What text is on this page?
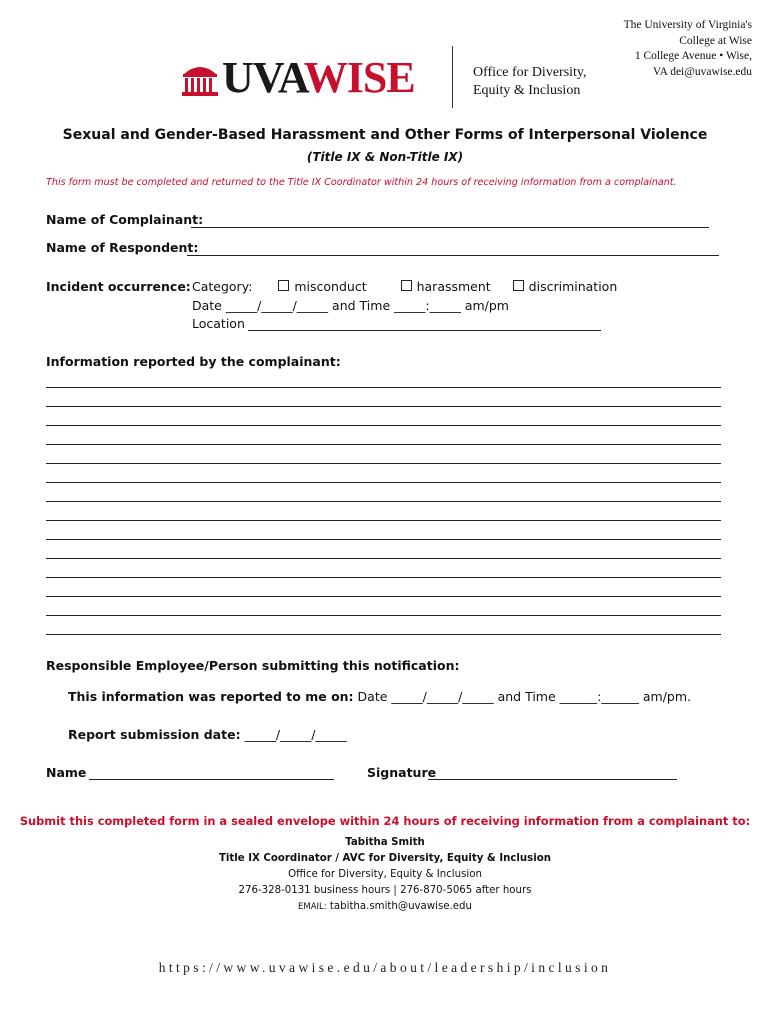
UVAWISE	Office for Diversity,
Equity & Inclusion
The University of Virginia's
College at Wise
1 College Avenue • Wise,
VA dei@uvawise.edu
Sexual and Gender-Based Harassment and Other Forms of Interpersonal Violence
(Title IX & Non-Title IX)
This form must be completed and returned to the Title IX Coordinator within 24 hours of receiving information from a complainant.
Name of Complainant:
Name of Respondent:
Incident occurrence: Category:	misconduct	harassment	discrimination
Date _____/_____/_____ and Time _____:_____ am/pm
Location
Information reported by the complainant:
Responsible Employee/Person submitting this notification:
This information was reported to me on: Date _____/_____/_____ and Time ______:______ am/pm.
Report submission date: _____/_____/_____
Name	Signature
Submit this completed form in a sealed envelope within 24 hours of receiving information from a complainant to:
Tabitha Smith
Title IX Coordinator / AVC for Diversity, Equity & Inclusion
Office for Diversity, Equity & Inclusion
276-328-0131 business hours | 276-870-5065 after hours
EMAIL: tabitha.smith@uvawise.edu
https://www.uvawise.edu/about/leadership/inclusion
